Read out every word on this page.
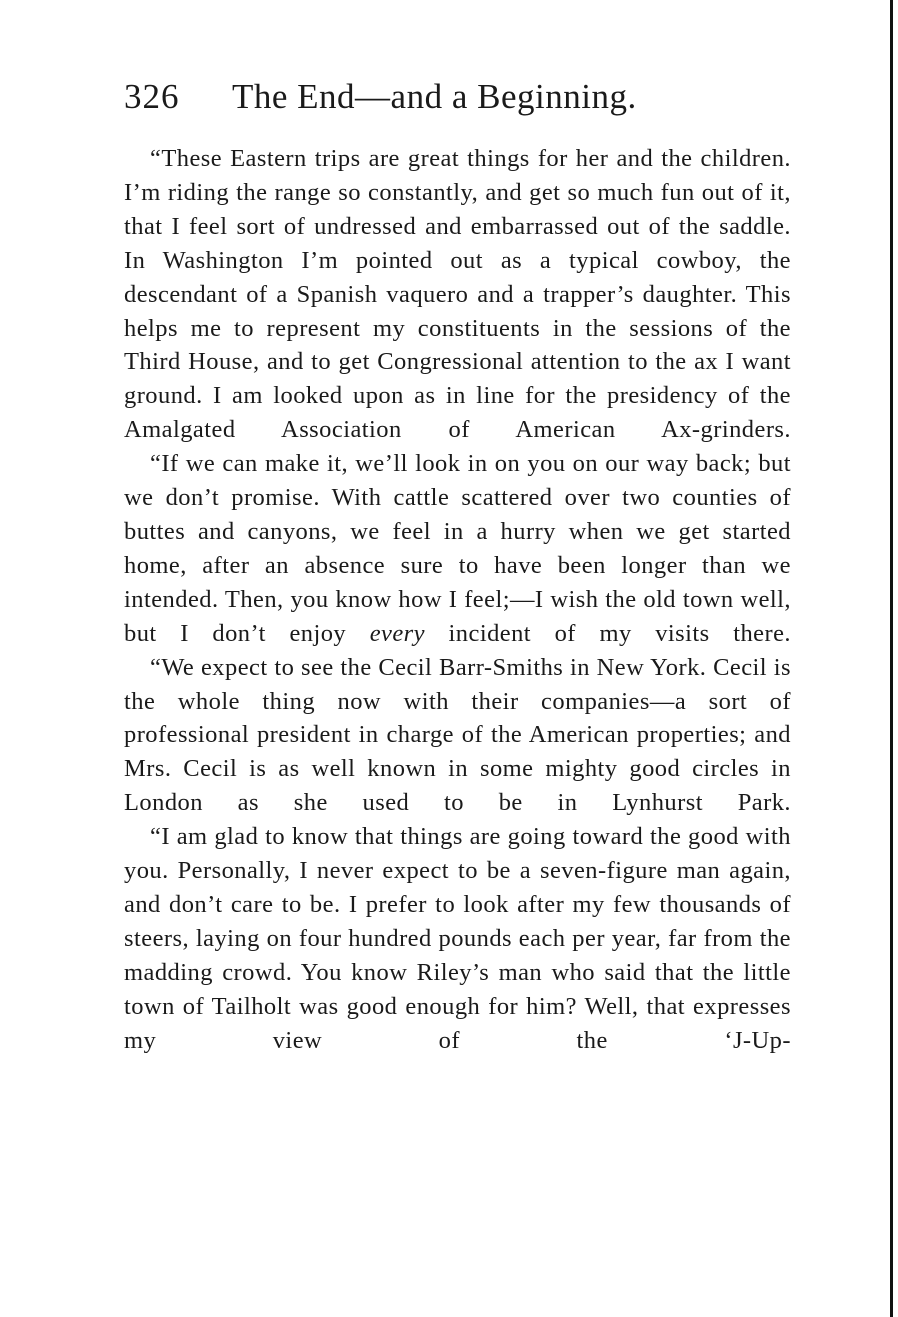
326 The End—and a Beginning.

“These Eastern trips are great things for her and the children. I’m riding the range so constantly, and get so much fun out of it, that I feel sort of undressed and embarrassed out of the saddle. In Washington I’m pointed out as a typical cowboy, the descendant of a Spanish vaquero and a trapper’s daughter. This helps me to represent my constituents in the sessions of the Third House, and to get Congressional attention to the ax I want ground. I am looked upon as in line for the presidency of the Amalgated Association of American Ax-grinders.

“If we can make it, we’ll look in on you on our way back; but we don’t promise. With cattle scattered over two counties of buttes and canyons, we feel in a hurry when we get started home, after an absence sure to have been longer than we intended. Then, you know how I feel;—I wish the old town well, but I don’t enjoy every incident of my visits there.

“We expect to see the Cecil Barr-Smiths in New York. Cecil is the whole thing now with their companies—a sort of professional president in charge of the American properties; and Mrs. Cecil is as well known in some mighty good circles in London as she used to be in Lynhurst Park.

“I am glad to know that things are going toward the good with you. Personally, I never expect to be a seven-figure man again, and don’t care to be. I prefer to look after my few thousands of steers, laying on four hundred pounds each per year, far from the madding crowd. You know Riley’s man who said that the little town of Tailholt was good enough for him? Well, that expresses my view of the ‘J-Up-
